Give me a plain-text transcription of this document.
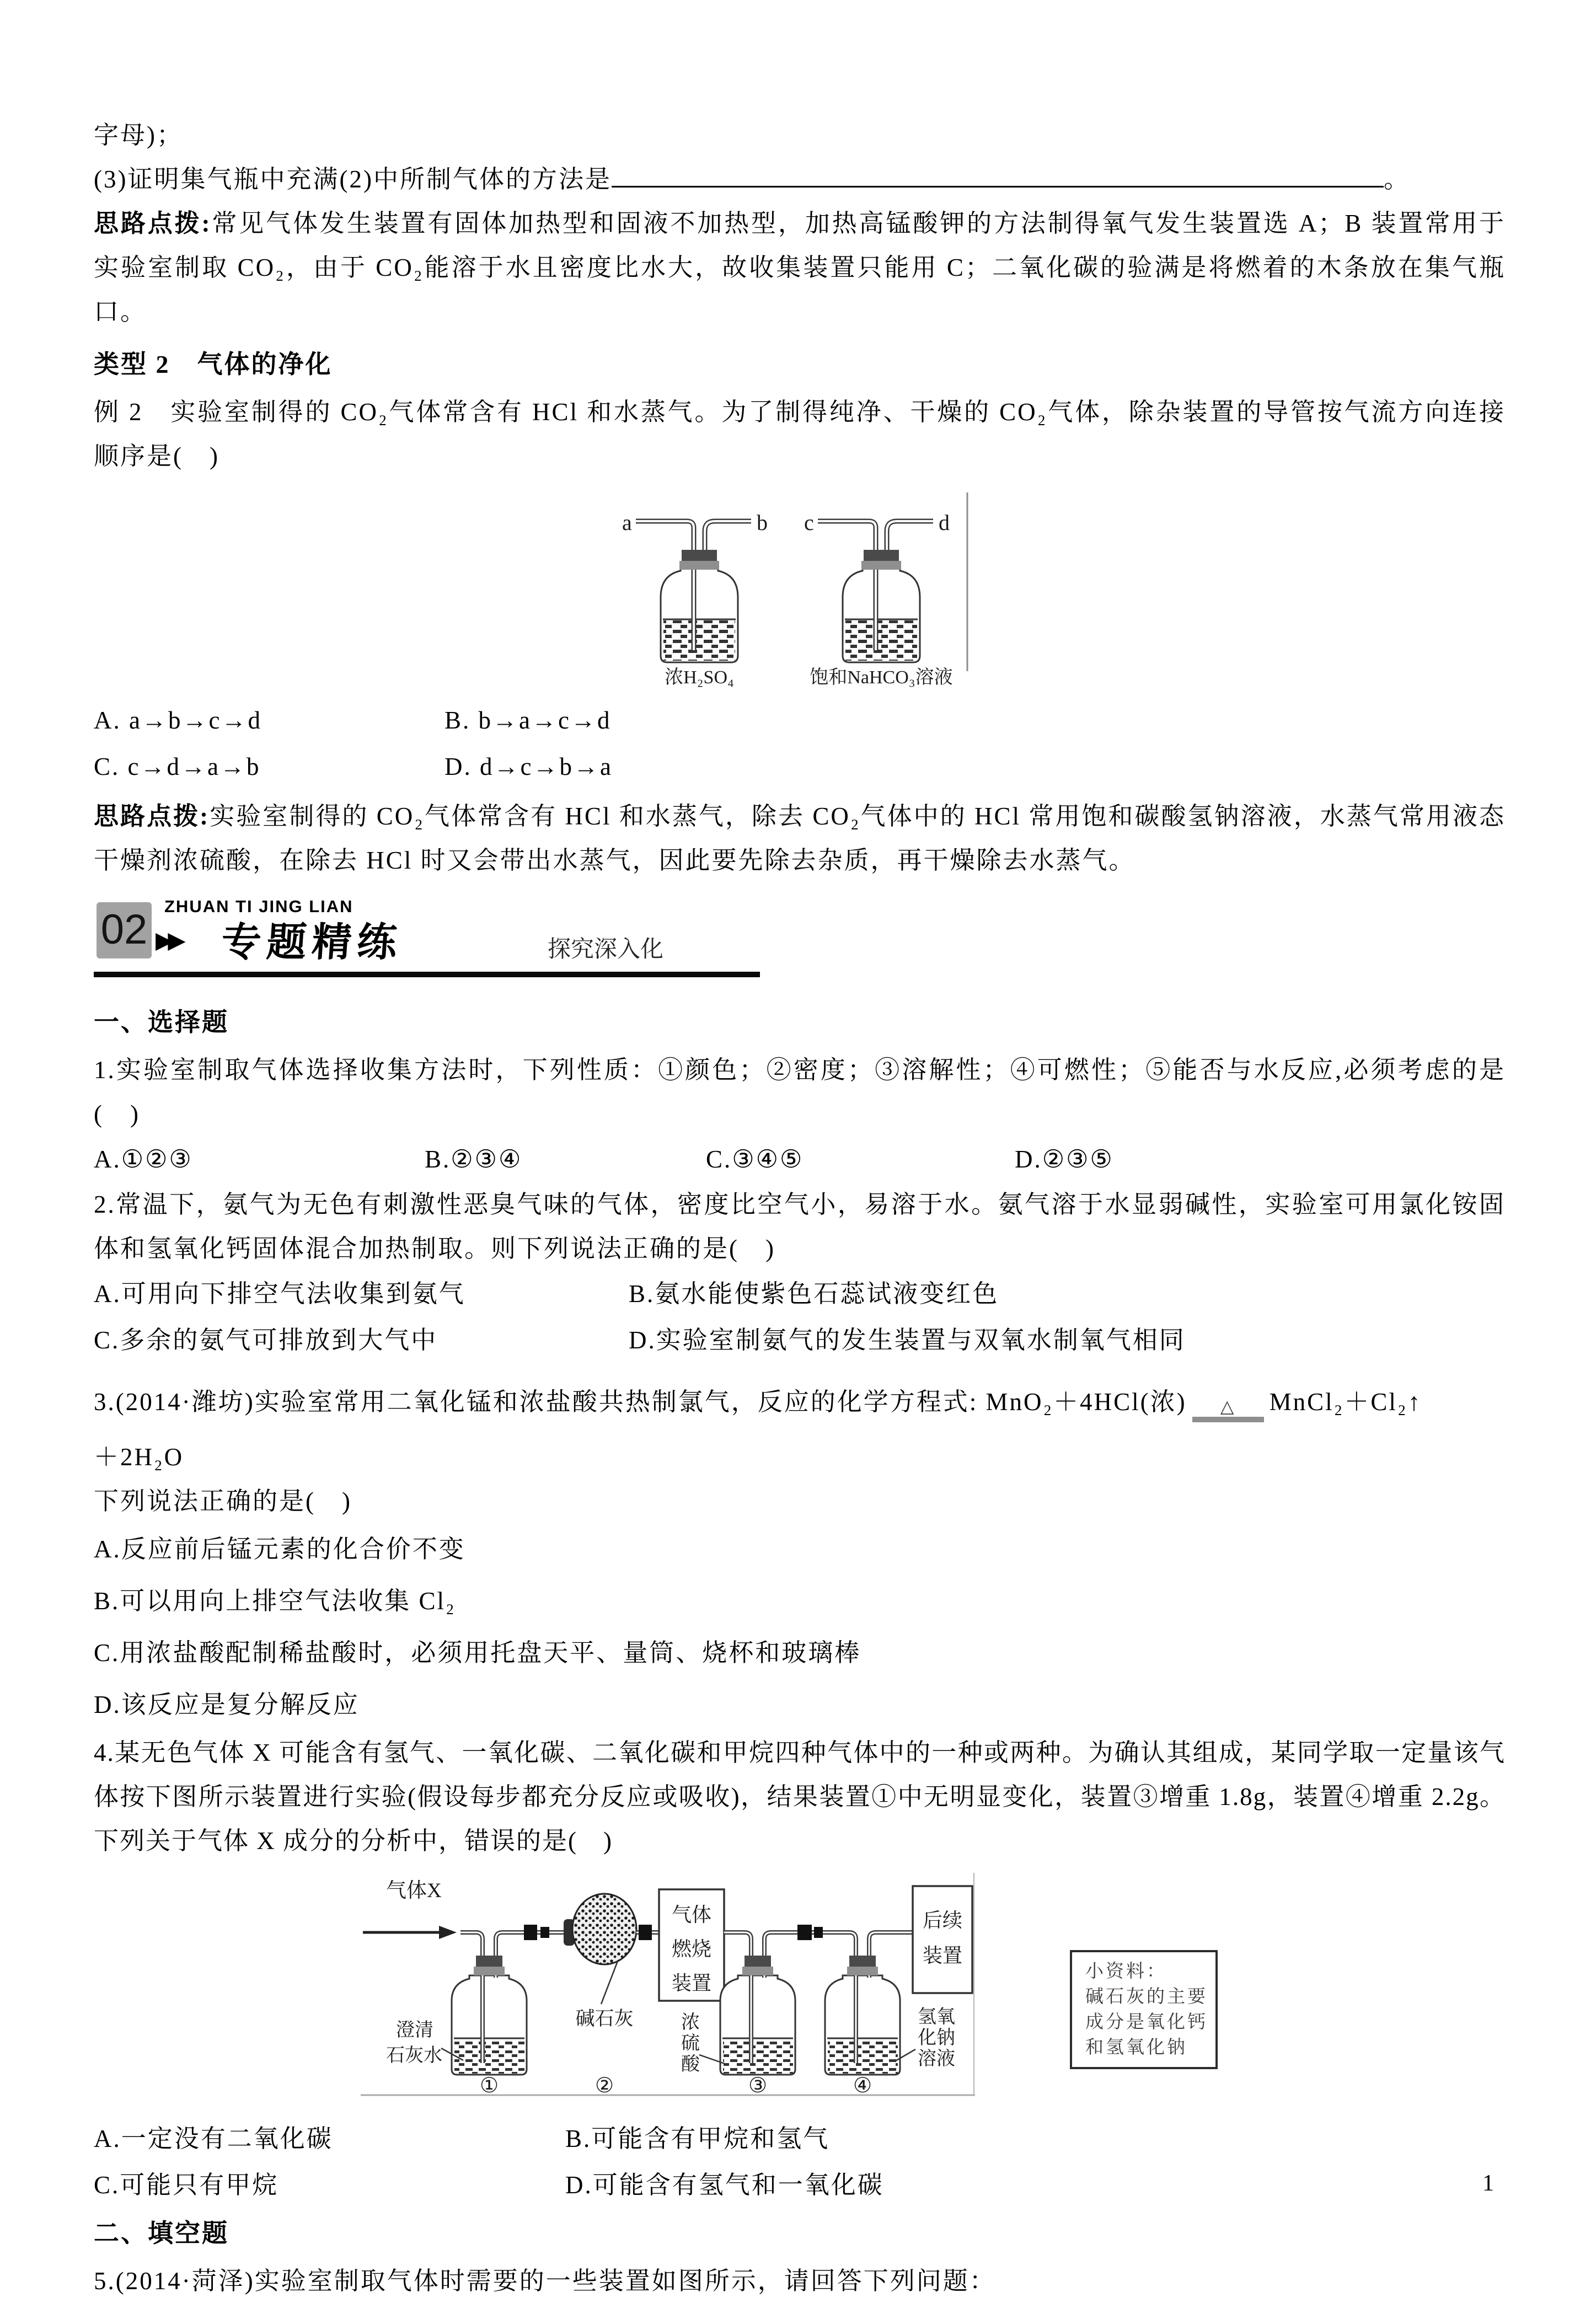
字母)；

(3)证明集气瓶中充满(2)中所制气体的方法是	。

思路点拨:常见气体发生装置有固体加热型和固液不加热型，加热高锰酸钾的方法制得氧气发生装置选 A；B 装置常用于实验室制取 CO₂，由于 CO₂能溶于水且密度比水大，故收集装置只能用 C；二氧化碳的验满是将燃着的木条放在集气瓶口。

类型 2　气体的净化

例 2　实验室制得的 CO₂气体常含有 HCl 和水蒸气。为了制得纯净、干燥的 CO₂气体，除杂装置的导管按气流方向连接顺序是(　)

a	b
浓H₂SO₄
c	d
饱和NaHCO₃溶液

A. a→b→c→d	B. b→a→c→d

C. c→d→a→b	D. d→c→b→a

思路点拨:实验室制得的 CO₂气体常含有 HCl 和水蒸气，除去 CO₂气体中的 HCl 常用饱和碳酸氢钠溶液，水蒸气常用液态干燥剂浓硫酸，在除去 HCl 时又会带出水蒸气，因此要先除去杂质，再干燥除去水蒸气。

02 ▶▶
ZHUAN TI JING LIAN
专题精练	探究深入化

一、选择题

1.实验室制取气体选择收集方法时，下列性质：①颜色；②密度；③溶解性；④可燃性；⑤能否与水反应,必须考虑的是(　)

A.①②③	B.②③④	C.③④⑤	D.②③⑤

2.常温下，氨气为无色有刺激性恶臭气味的气体，密度比空气小，易溶于水。氨气溶于水显弱碱性，实验室可用氯化铵固体和氢氧化钙固体混合加热制取。则下列说法正确的是(　)

A.可用向下排空气法收集到氨气	B.氨水能使紫色石蕊试液变红色

C.多余的氨气可排放到大气中	D.实验室制氨气的发生装置与双氧水制氧气相同

3.(2014·潍坊)实验室常用二氧化锰和浓盐酸共热制氯气，反应的化学方程式: MnO₂＋4HCl(浓)	△	MnCl₂＋Cl₂↑

＋2H₂O

下列说法正确的是(　)

A.反应前后锰元素的化合价不变

B.可以用向上排空气法收集 Cl₂

C.用浓盐酸配制稀盐酸时，必须用托盘天平、量筒、烧杯和玻璃棒

D.该反应是复分解反应

4.某无色气体 X 可能含有氢气、一氧化碳、二氧化碳和甲烷四种气体中的一种或两种。为确认其组成，某同学取一定量该气体按下图所示装置进行实验(假设每步都充分反应或吸收)，结果装置①中无明显变化，装置③增重 1.8g，装置④增重 2.2g。下列关于气体 X 成分的分析中，错误的是(　)

气体X
澄清
石灰水
碱石灰
气体
燃烧
装置
浓
硫
酸
氢氧
化钠
溶液
后续
装置
①	②	③	④
小资料：
碱石灰的主要
成分是氧化钙
和氢氧化钠

A.一定没有二氧化碳	B.可能含有甲烷和氢气

C.可能只有甲烷	D.可能含有氢气和一氧化碳

二、填空题

5.(2014·菏泽)实验室制取气体时需要的一些装置如图所示，请回答下列问题：

1
